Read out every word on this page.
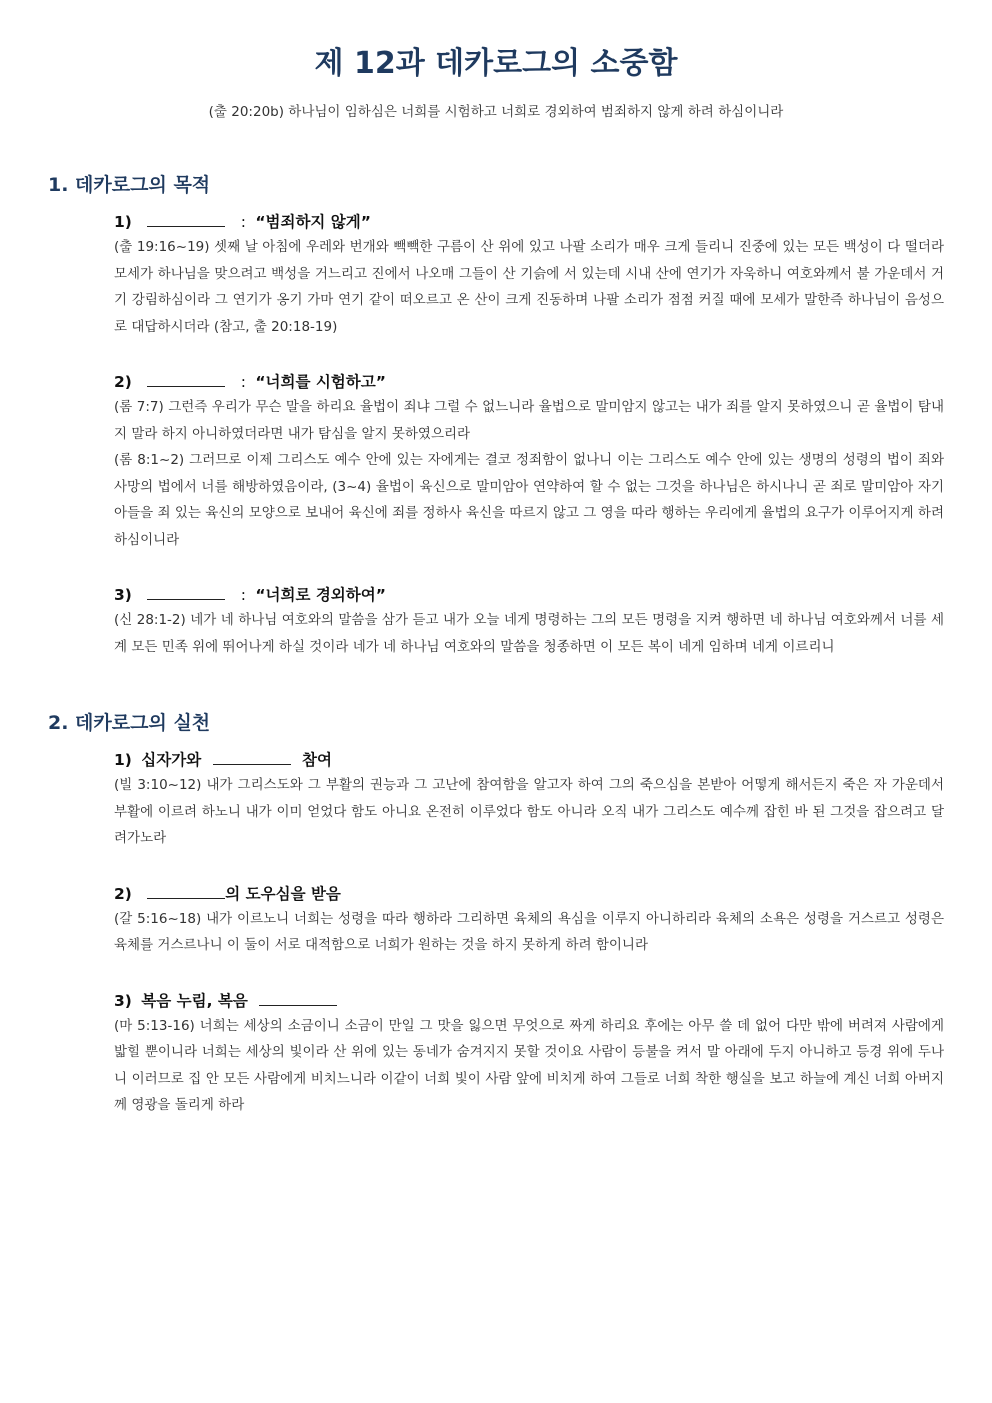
제 12과 데카로그의 소중함
(출 20:20b) 하나님이 임하심은 너희를 시험하고 너희로 경외하여 범죄하지 않게 하려 하심이니라
1. 데카로그의 목적
1)	: “범죄하지 않게”

(출 19:16~19) 셋째 날 아침에 우레와 번개와 빽빽한 구름이 산 위에 있고 나팔 소리가 매우 크게 들리니 진중에 있는 모든 백성이 다 떨더라 모세가 하나님을 맞으려고 백성을 거느리고 진에서 나오매 그들이 산 기슭에 서 있는데 시내 산에 연기가 자욱하니 여호와께서 불 가운데서 거기 강림하심이라 그 연기가 옹기 가마 연기 같이 떠오르고 온 산이 크게 진동하며 나팔 소리가 점점 커질 때에 모세가 말한즉 하나님이 음성으로 대답하시더라 (참고, 출 20:18-19)

2)	: “너희를 시험하고”

(롬 7:7) 그런즉 우리가 무슨 말을 하리요 율법이 죄냐 그럴 수 없느니라 율법으로 말미암지 않고는 내가 죄를 알지 못하였으니 곧 율법이 탐내지 말라 하지 아니하였더라면 내가 탐심을 알지 못하였으리라

(롬 8:1~2) 그러므로 이제 그리스도 예수 안에 있는 자에게는 결코 정죄함이 없나니 이는 그리스도 예수 안에 있는 생명의 성령의 법이 죄와 사망의 법에서 너를 해방하였음이라, (3~4) 율법이 육신으로 말미암아 연약하여 할 수 없는 그것을 하나님은 하시나니 곧 죄로 말미암아 자기 아들을 죄 있는 육신의 모양으로 보내어 육신에 죄를 정하사 육신을 따르지 않고 그 영을 따라 행하는 우리에게 율법의 요구가 이루어지게 하려 하심이니라

3)	: “너희로 경외하여”

(신 28:1-2) 네가 네 하나님 여호와의 말씀을 삼가 듣고 내가 오늘 네게 명령하는 그의 모든 명령을 지켜 행하면 네 하나님 여호와께서 너를 세계 모든 민족 위에 뛰어나게 하실 것이라 네가 네 하나님 여호와의 말씀을 청종하면 이 모든 복이 네게 임하며 네게 이르리니

2. 데카로그의 실천
1) 십자가와	참여

(빌 3:10~12) 내가 그리스도와 그 부활의 권능과 그 고난에 참여함을 알고자 하여 그의 죽으심을 본받아 어떻게 해서든지 죽은 자 가운데서 부활에 이르려 하노니 내가 이미 얻었다 함도 아니요 온전히 이루었다 함도 아니라 오직 내가 그리스도 예수께 잡힌 바 된 그것을 잡으려고 달려가노라

2)	의 도우심을 받음

(갈 5:16~18) 내가 이르노니 너희는 성령을 따라 행하라 그리하면 육체의 욕심을 이루지 아니하리라 육체의 소욕은 성령을 거스르고 성령은 육체를 거스르나니 이 둘이 서로 대적함으로 너희가 원하는 것을 하지 못하게 하려 함이니라

3) 복음 누림, 복음

(마 5:13-16) 너희는 세상의 소금이니 소금이 만일 그 맛을 잃으면 무엇으로 짜게 하리요 후에는 아무 쓸 데 없어 다만 밖에 버려져 사람에게 밟힐 뿐이니라 너희는 세상의 빛이라 산 위에 있는 동네가 숨겨지지 못할 것이요 사람이 등불을 켜서 말 아래에 두지 아니하고 등경 위에 두나니 이러므로 집 안 모든 사람에게 비치느니라 이같이 너희 빛이 사람 앞에 비치게 하여 그들로 너희 착한 행실을 보고 하늘에 계신 너희 아버지께 영광을 돌리게 하라
